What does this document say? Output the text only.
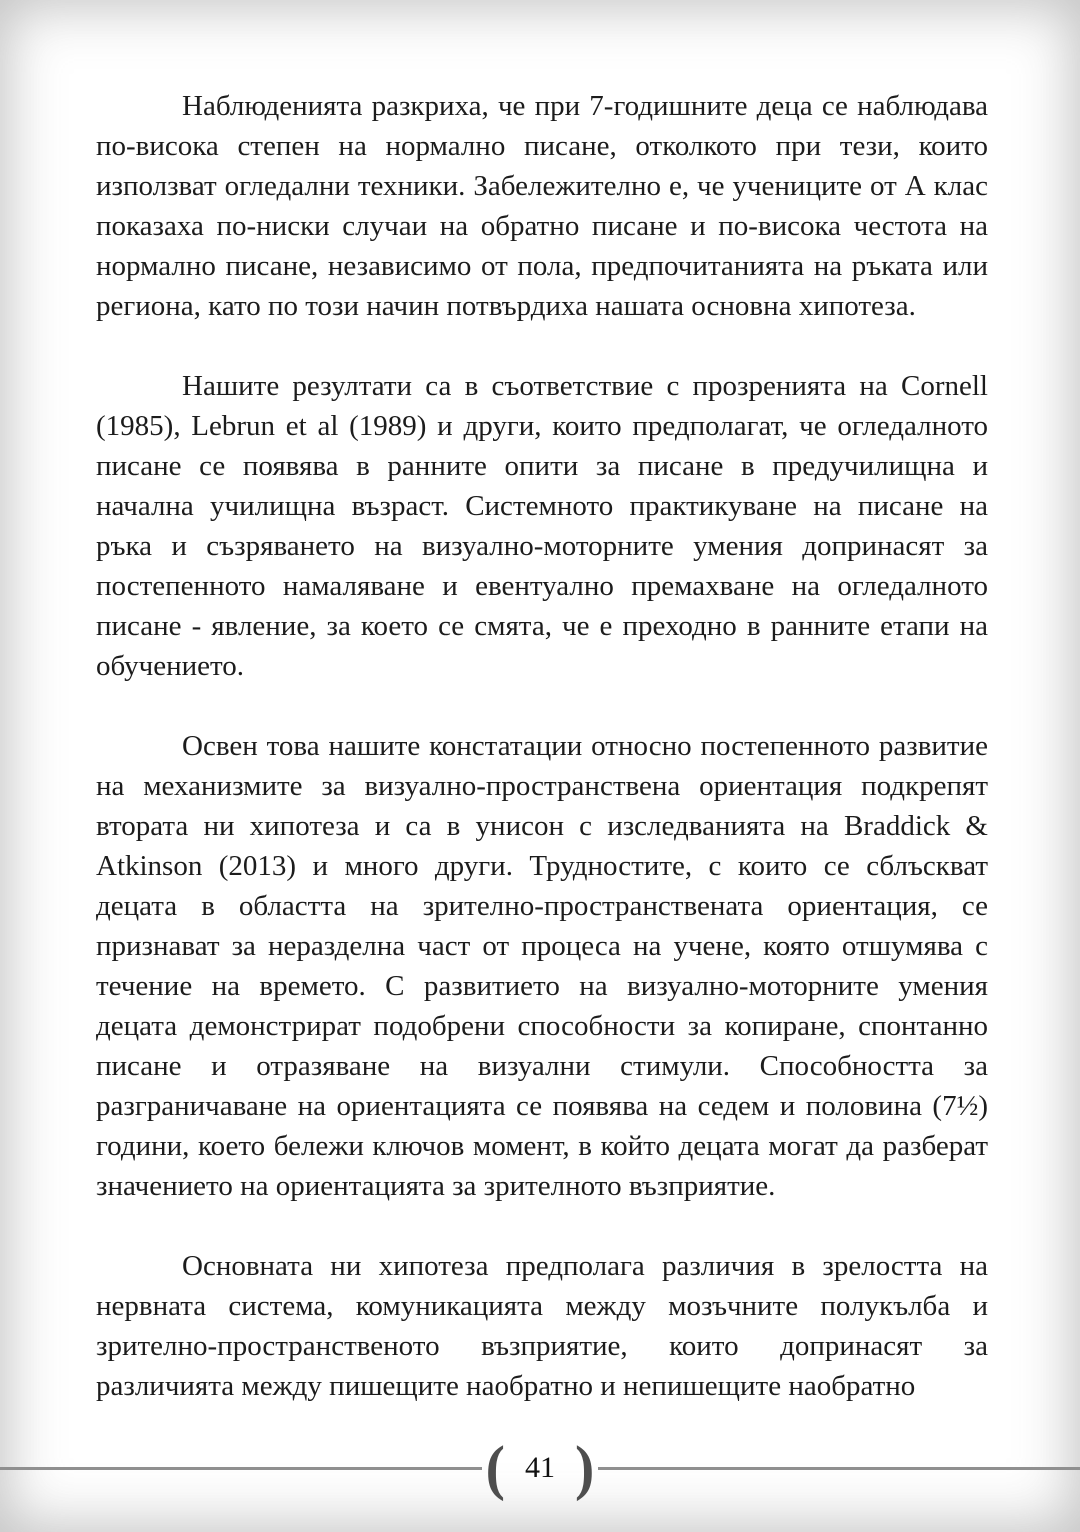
Наблюденията разкриха, че при 7-годишните деца се наблюдава по-висока степен на нормално писане, отколкото при тези, които използват огледални техники. Забележително е, че учениците от А клас показаха по-ниски случаи на обратно писане и по-висока честота на нормално писане, независимо от пола, предпочитанията на ръката или региона, като по този начин потвърдиха нашата основна хипотеза.

Нашите резултати са в съответствие с прозренията на Cornell (1985), Lebrun et al (1989) и други, които предполагат, че огледалното писане се появява в ранните опити за писане в предучилищна и начална училищна възраст. Системното практикуване на писане на ръка и съзряването на визуално-моторните умения допринасят за постепенното намаляване и евентуално премахване на огледалното писане - явление, за което се смята, че е преходно в ранните етапи на обучението.

Освен това нашите констатации относно постепенното развитие на механизмите за визуално-пространствена ориентация подкрепят втората ни хипотеза и са в унисон с изследванията на Braddick & Atkinson (2013) и много други. Трудностите, с които се сблъскват децата в областта на зрително-пространствената ориентация, се признават за неразделна част от процеса на учене, която отшумява с течение на времето. С развитието на визуално-моторните умения децата демонстрират подобрени способности за копиране, спонтанно писане и отразяване на визуални стимули. Способността за разграничаване на ориентацията се появява на седем и половина (7½) години, което бележи ключов момент, в който децата могат да разберат значението на ориентацията за зрителното възприятие.

Основната ни хипотеза предполага различия в зрелостта на нервната система, комуникацията между мозъчните полукълба и зрително-пространственото възприятие, които допринасят за различията между пишещите наобратно и непишещите наобратно

( 41 )
